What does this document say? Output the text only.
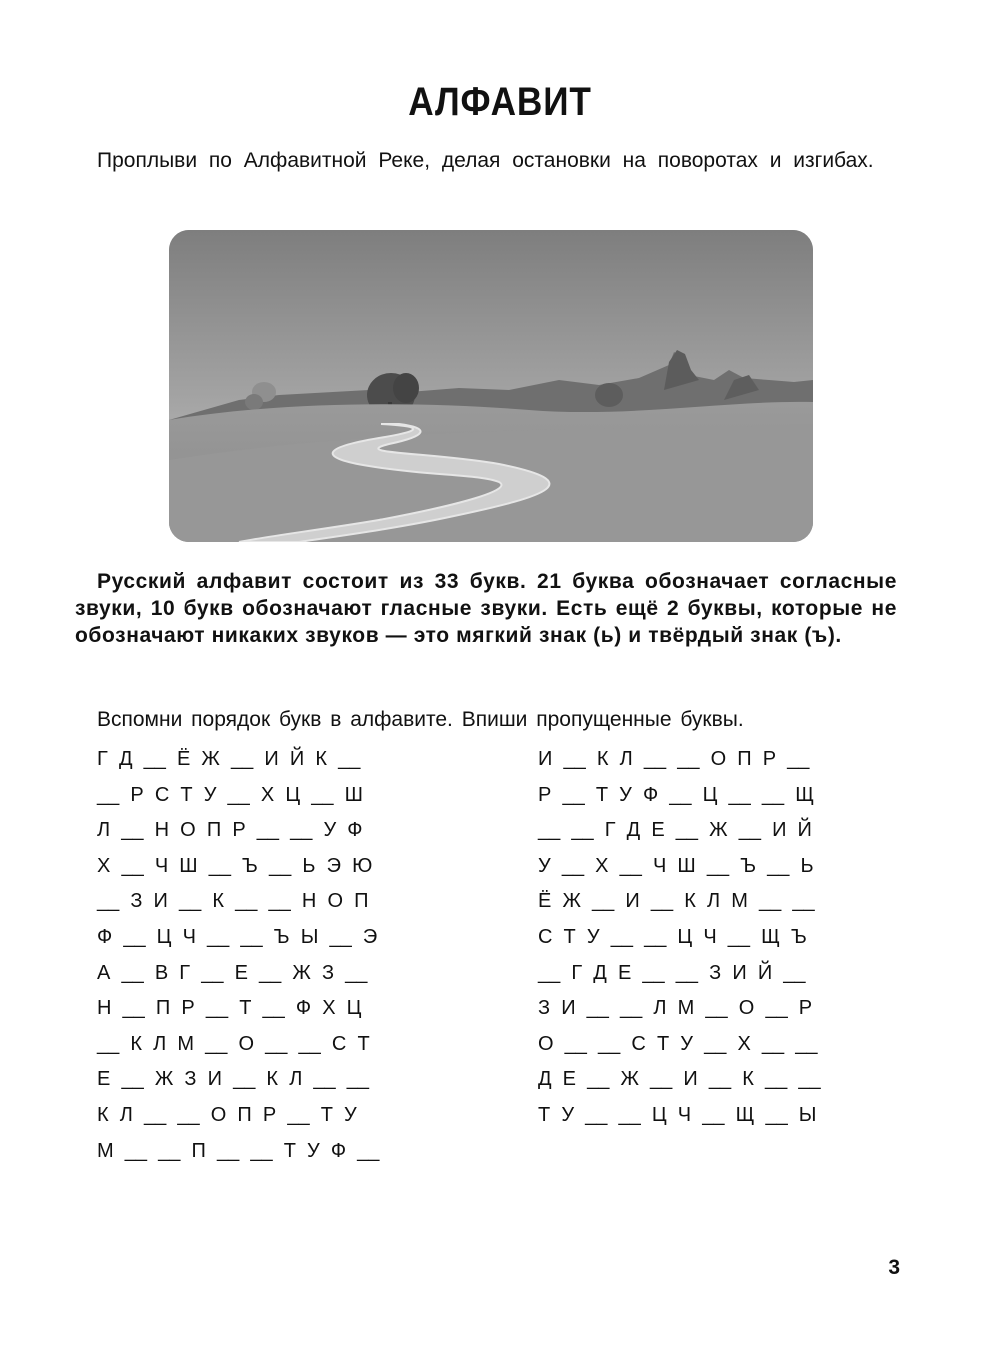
АЛФАВИТ
Проплыви по Алфавитной Реке, делая остановки на поворотах и изгибах.
Русский алфавит состоит из 33 букв. 21 буква обозначает согласные звуки, 10 букв обозначают гласные звуки. Есть ещё 2 буквы, которые не обозначают никаких звуков — это мягкий знак (ь) и твёрдый знак (ъ).
Вспомни порядок букв в алфавите. Впиши пропущенные буквы.
Г  Д  __  Ё  Ж  __  И  Й  К  __
__  Р  С  Т  У  __  Х  Ц  __  Ш
Л  __  Н  О  П  Р  __  __  У  Ф
Х  __  Ч  Ш  __  Ъ  __  Ь  Э  Ю
__  З  И  __  К  __  __  Н  О  П
Ф  __  Ц  Ч  __  __  Ъ  Ы  __  Э
А  __  В  Г  __  Е  __  Ж  З  __
Н  __  П  Р  __  Т  __  Ф  Х  Ц
__  К  Л  М  __  О  __  __  С  Т
Е  __  Ж  З  И  __  К  Л  __  __
К  Л  __  __  О  П  Р  __  Т  У
М  __  __  П  __  __  Т  У  Ф  __
И  __  К  Л  __  __  О  П  Р  __
Р  __  Т  У  Ф  __  Ц  __  __  Щ
__  __  Г  Д  Е  __  Ж  __  И  Й
У  __  Х  __  Ч  Ш  __  Ъ  __  Ь
Ё  Ж  __  И  __  К  Л  М  __  __
С  Т  У  __  __  Ц  Ч  __  Щ  Ъ
__  Г  Д  Е  __  __  З  И  Й  __
З  И  __  __  Л  М  __  О  __  Р
О  __  __  С  Т  У  __  Х  __  __
Д  Е  __  Ж  __  И  __  К  __  __
Т  У  __  __  Ц  Ч  __  Щ  __  Ы
3
